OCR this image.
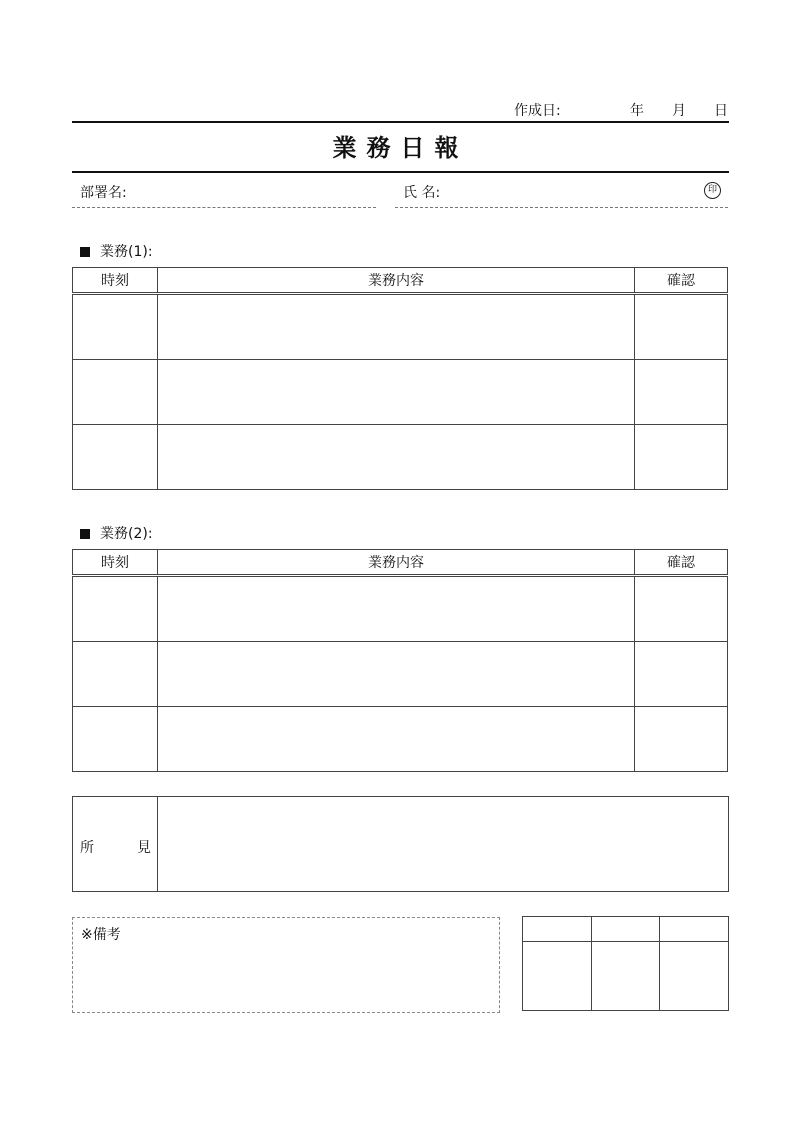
作成日:	年 月 日
業務日報
部署名:	氏 名:	印
業務(1):
時刻	業務内容	確認

業務(2):
時刻	業務内容	確認

所	見
※備考
